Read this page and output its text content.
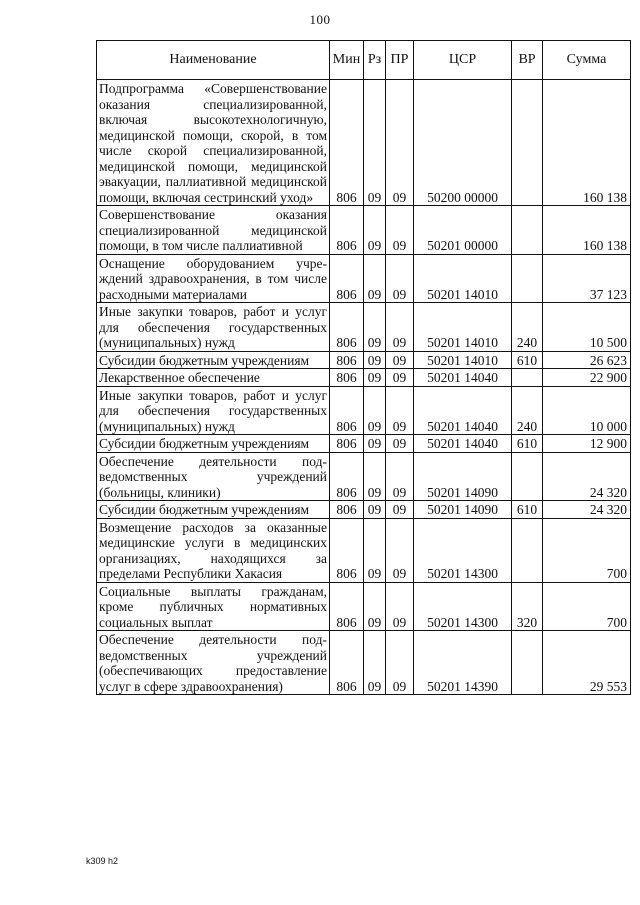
100
Наименование	Мин	Рз	ПР	ЦСР	ВР	Сумма
Подпрограмма «Совершенствование оказания специализированной, включая высокотехнологичную, медицинской помощи, скорой, в том числе скорой специализированной, медицинской помощи, медицинской эвакуации, паллиативной медицинской помощи, включая сестринский уход»	806	09	09	50200 00000		160 138
Совершенствование оказания специализированной медицинской помощи, в том числе паллиативной	806	09	09	50201 00000		160 138
Оснащение оборудованием учреждений здравоохранения, в том числе расходными материалами	806	09	09	50201 14010		37 123
Иные закупки товаров, работ и услуг для обеспечения государственных (муниципальных) нужд	806	09	09	50201 14010	240	10 500
Субсидии бюджетным учреждениям	806	09	09	50201 14010	610	26 623
Лекарственное обеспечение	806	09	09	50201 14040		22 900
Иные закупки товаров, работ и услуг для обеспечения государственных (муниципальных) нужд	806	09	09	50201 14040	240	10 000
Субсидии бюджетным учреждениям	806	09	09	50201 14040	610	12 900
Обеспечение деятельности подведомственных учреждений (больницы, клиники)	806	09	09	50201 14090		24 320
Субсидии бюджетным учреждениям	806	09	09	50201 14090	610	24 320
Возмещение расходов за оказанные медицинские услуги в медицинских организациях, находящихся за пределами Республики Хакасия	806	09	09	50201 14300		700
Социальные выплаты гражданам, кроме публичных нормативных социальных выплат	806	09	09	50201 14300	320	700
Обеспечение деятельности подведомственных учреждений (обеспечивающих предоставление услуг в сфере здравоохранения)	806	09	09	50201 14390		29 553
k309 h2
